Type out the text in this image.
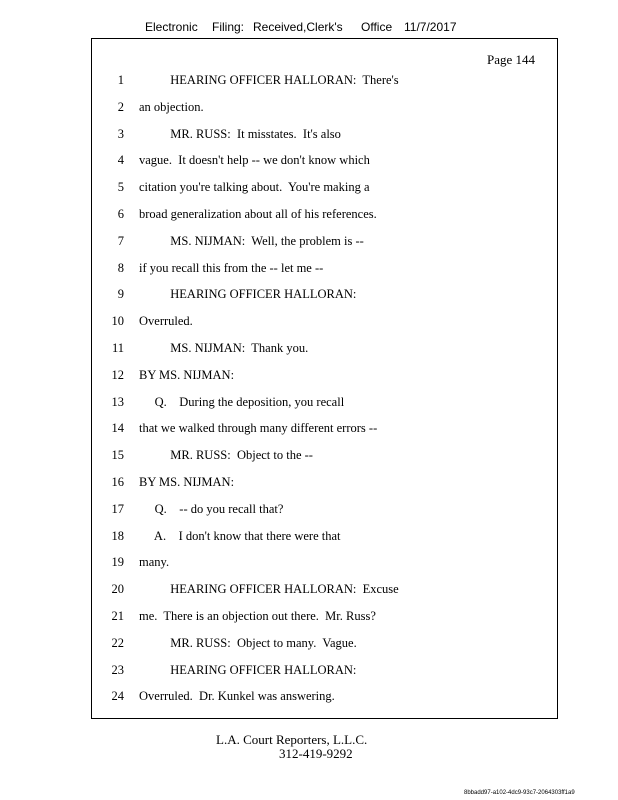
Electronic Filing: Received,Clerk's Office 11/7/2017
Page 144
1 HEARING OFFICER HALLORAN:  There's
2 an objection.
3 MR. RUSS:  It misstates.  It's also
4 vague.  It doesn't help -- we don't know which
5 citation you're talking about.  You're making a
6 broad generalization about all of his references.
7 MS. NIJMAN:  Well, the problem is --
8 if you recall this from the -- let me --
9 HEARING OFFICER HALLORAN:
10 Overruled.
11 MS. NIJMAN:  Thank you.
12 BY MS. NIJMAN:
13 Q.    During the deposition, you recall
14 that we walked through many different errors --
15 MR. RUSS:  Object to the --
16 BY MS. NIJMAN:
17 Q.    -- do you recall that?
18 A.    I don't know that there were that
19 many.
20 HEARING OFFICER HALLORAN:  Excuse
21 me.  There is an objection out there.  Mr. Russ?
22 MR. RUSS:  Object to many.  Vague.
23 HEARING OFFICER HALLORAN:
24 Overruled.  Dr. Kunkel was answering.
L.A. Court Reporters, L.L.C.
312-419-9292
8bbadd97-a102-4dc9-93c7-2064303ff1a9
